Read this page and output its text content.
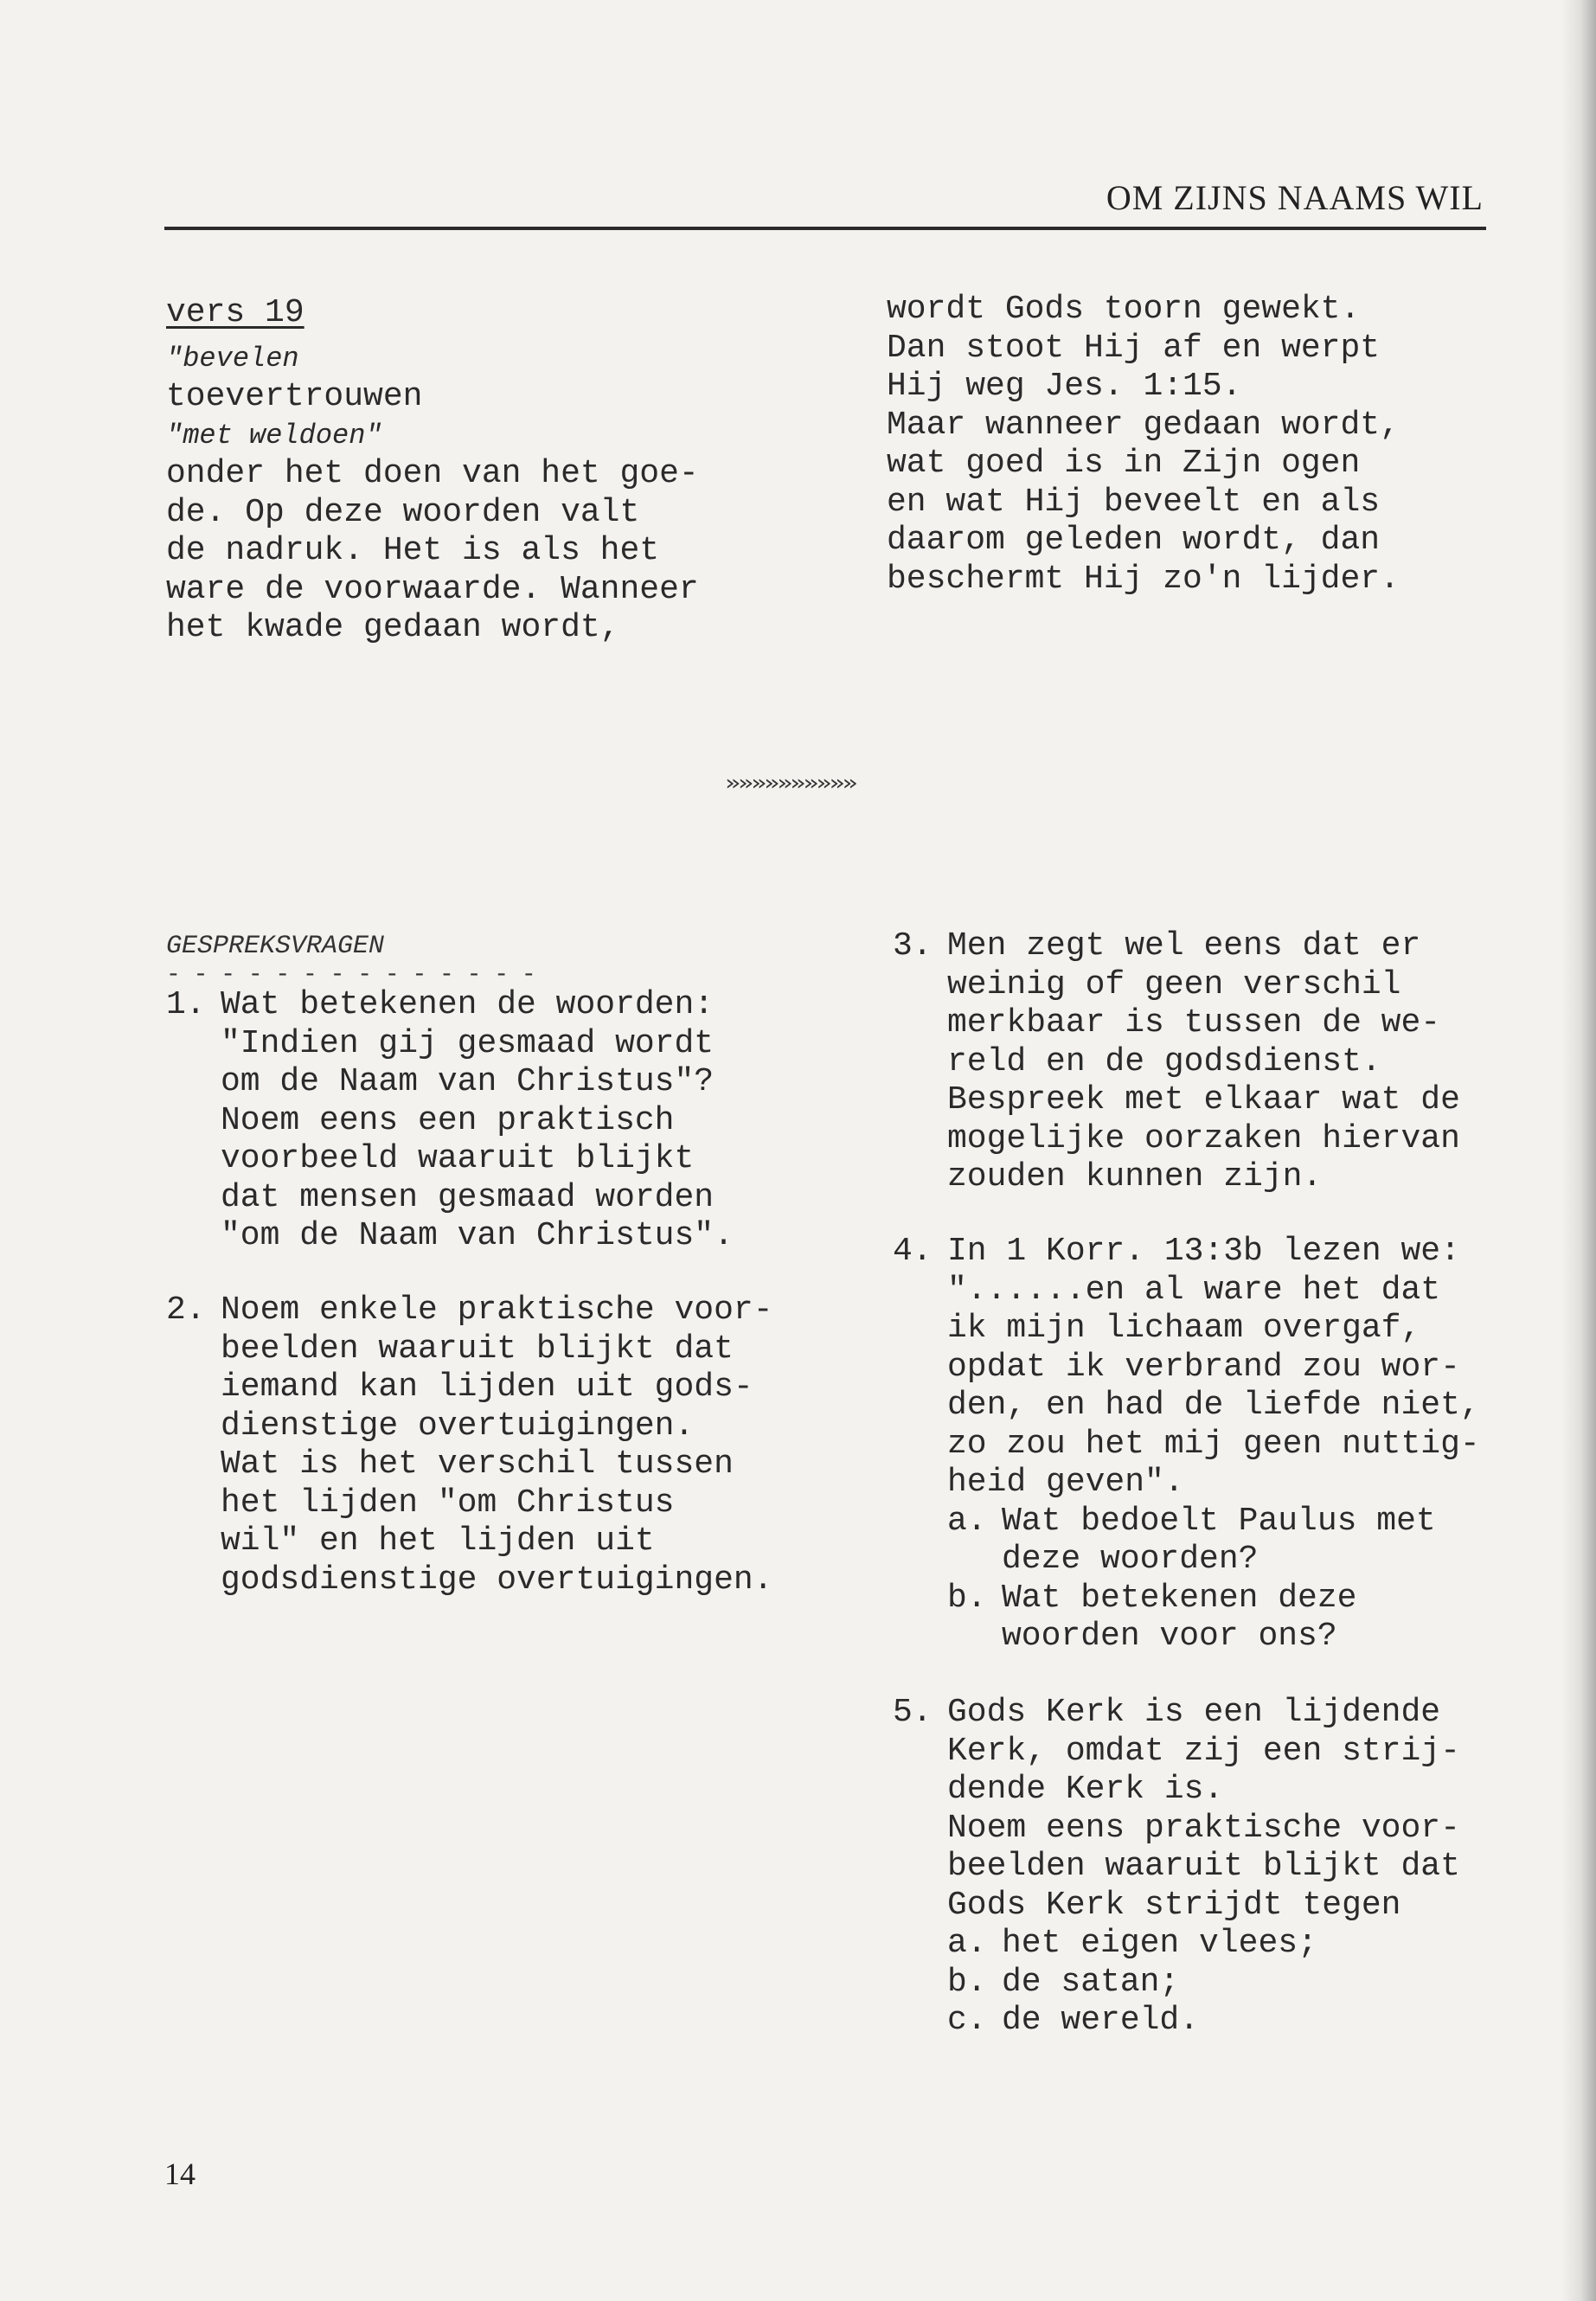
OM ZIJNS NAAMS WIL
vers 19
"bevelen
toevertrouwen
"met weldoen"
onder het doen van het goe-
de. Op deze woorden valt
de nadruk. Het is als het
ware de voorwaarde. Wanneer
het kwade gedaan wordt,
wordt Gods toorn gewekt.
Dan stoot Hij af en werpt
Hij weg Jes. 1:15.
Maar wanneer gedaan wordt,
wat goed is in Zijn ogen
en wat Hij beveelt en als
daarom geleden wordt, dan
beschermt Hij zo'n lijder.
»»»»»»»»»»
GESPREKSVRAGEN
- - - - - - - - - - - - - -
1. Wat betekenen de woorden:
"Indien gij gesmaad wordt
om de Naam van Christus"?
Noem eens een praktisch
voorbeeld waaruit blijkt
dat mensen gesmaad worden
"om de Naam van Christus".
2. Noem enkele praktische voor-
beelden waaruit blijkt dat
iemand kan lijden uit gods-
dienstige overtuigingen.
Wat is het verschil tussen
het lijden "om Christus
wil" en het lijden uit
godsdienstige overtuigingen.
3. Men zegt wel eens dat er
weinig of geen verschil
merkbaar is tussen de we-
reld en de godsdienst.
Bespreek met elkaar wat de
mogelijke oorzaken hiervan
zouden kunnen zijn.
4. In 1 Korr. 13:3b lezen we:
"......en al ware het dat
ik mijn lichaam overgaf,
opdat ik verbrand zou wor-
den, en had de liefde niet,
zo zou het mij geen nuttig-
heid geven".
a. Wat bedoelt Paulus met
deze woorden?
b. Wat betekenen deze
woorden voor ons?
5. Gods Kerk is een lijdende
Kerk, omdat zij een strij-
dende Kerk is.
Noem eens praktische voor-
beelden waaruit blijkt dat
Gods Kerk strijdt tegen
a. het eigen vlees;
b. de satan;
c. de wereld.
14
